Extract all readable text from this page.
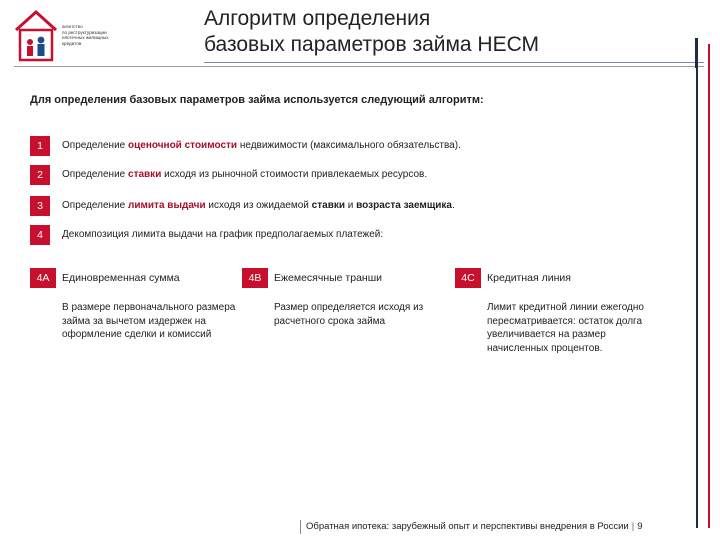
агентство
по реструктуризации
ипотечных жилищных
кредитов
Алгоритм определения
базовых параметров займа НЕСМ
Для определения базовых параметров займа используется следующий алгоритм:
1	Определение оценочной стоимости недвижимости (максимального обязательства).
2	Определение ставки исходя из рыночной стоимости привлекаемых ресурсов.
3	Определение лимита выдачи исходя из ожидаемой ставки и возраста заемщика.
4	Декомпозиция лимита выдачи на график предполагаемых платежей:
4А	Единовременная сумма
В размере первоначального размера займа за вычетом издержек на оформление сделки и комиссий
4В	Ежемесячные транши
Размер определяется исходя из расчетного срока займа
4С	Кредитная линия
Лимит кредитной линии ежегодно пересматривается: остаток долга увеличивается на размер начисленных процентов.
Обратная ипотека: зарубежный опыт и перспективы внедрения в России | 9
